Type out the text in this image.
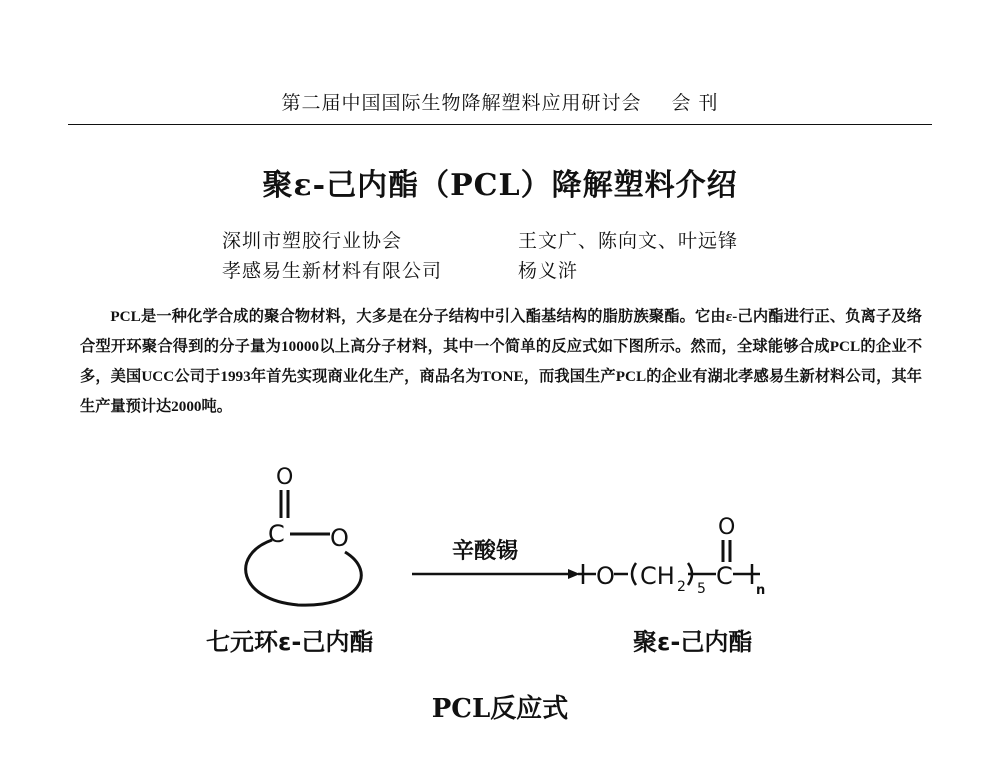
第二届中国国际生物降解塑料应用研讨会 会 刊
聚ε-己内酯（PCL）降解塑料介绍
深圳市塑胶行业协会	王文广、陈向文、叶远锋
孝感易生新材料有限公司	杨义浒

PCL是一种化学合成的聚合物材料，大多是在分子结构中引入酯基结构的脂肪族聚酯。它由ε-己内酯进行正、负离子及络合型开环聚合得到的分子量为10000以上高分子材料，其中一个简单的反应式如下图所示。然而，全球能够合成PCL的企业不多，美国UCC公司于1993年首先实现商业化生产，商品名为TONE，而我国生产PCL的企业有湖北孝感易生新材料公司，其年生产量预计达2000吨。

O
C O	辛酸锡
O
O CH 2 5 C
n
七元环ε-己内酯	聚ε-己内酯
PCL反应式
